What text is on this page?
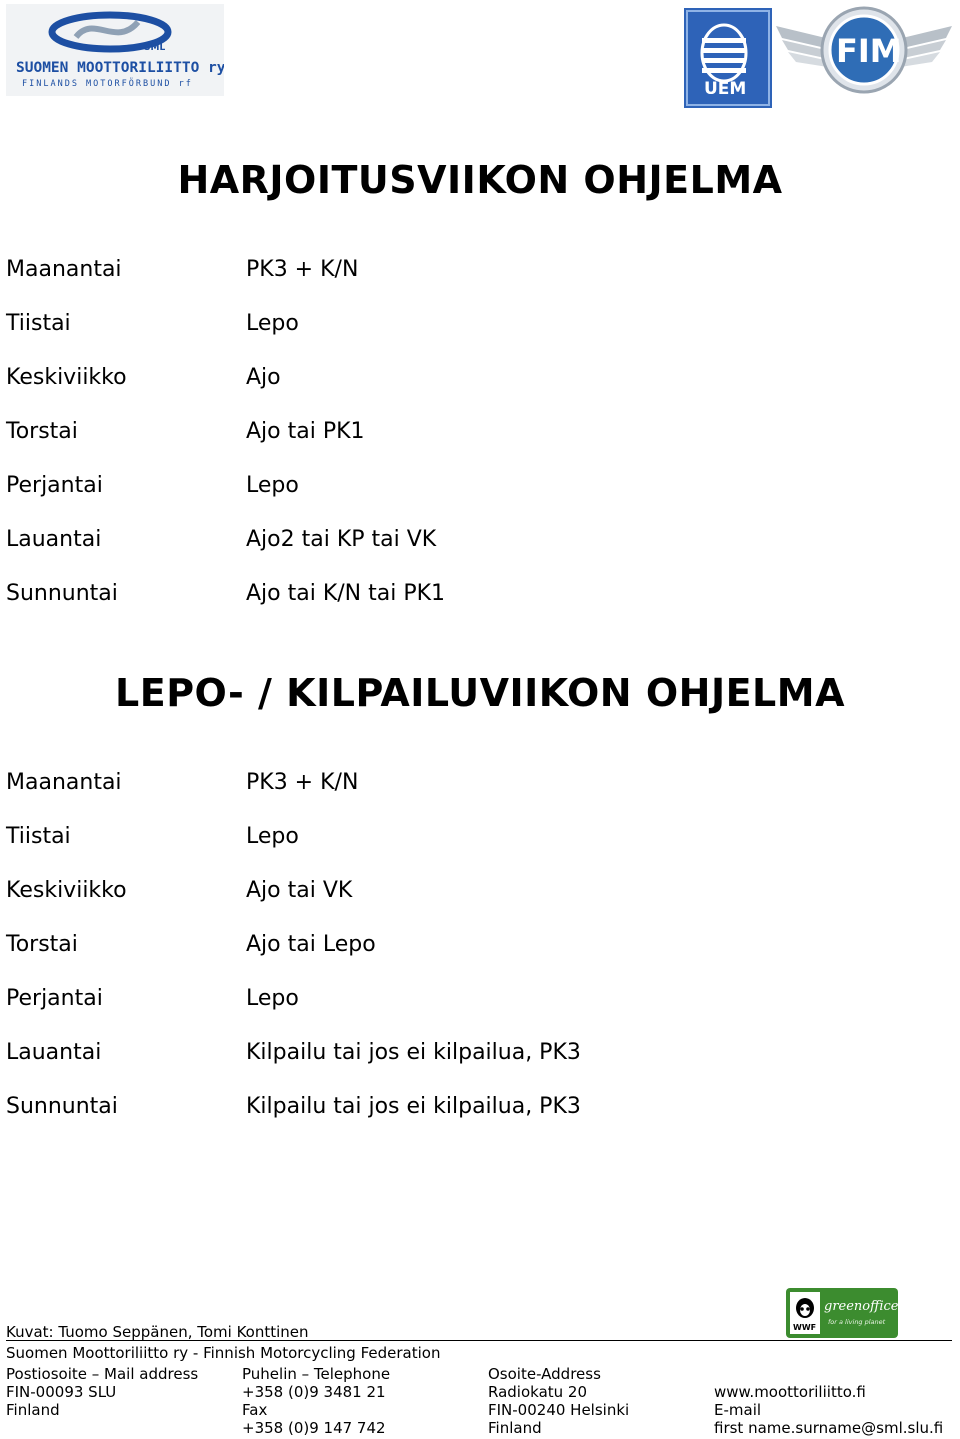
SML
SUOMEN MOOTTORILIITTO ry
FINLANDS MOTORFÖRBUND rf	UEM
FIM
HARJOITUSVIIKON OHJELMA
Maanantai	PK3 + K/N
Tiistai	Lepo
Keskiviikko	Ajo
Torstai	Ajo tai PK1
Perjantai	Lepo
Lauantai	Ajo2 tai KP tai VK
Sunnuntai	Ajo tai K/N tai PK1
LEPO- / KILPAILUVIIKON OHJELMA
Maanantai	PK3 + K/N
Tiistai	Lepo
Keskiviikko	Ajo tai VK
Torstai	Ajo tai Lepo
Perjantai	Lepo
Lauantai	Kilpailu tai jos ei kilpailua, PK3
Sunnuntai	Kilpailu tai jos ei kilpailua, PK3
Kuvat: Tuomo Seppänen, Tomi Konttinen	WWF
greenoffice
for a living planet
Suomen Moottoriliitto ry - Finnish Motorcycling Federation
Postiosoite – Mail address
FIN-00093 SLU
Finland
Puhelin – Telephone
+358 (0)9 3481 21
Fax
+358 (0)9 147 742
Osoite-Address
Radiokatu 20
FIN-00240 Helsinki
Finland
www.moottoriliitto.fi
E-mail
first name.surname@sml.slu.fi
